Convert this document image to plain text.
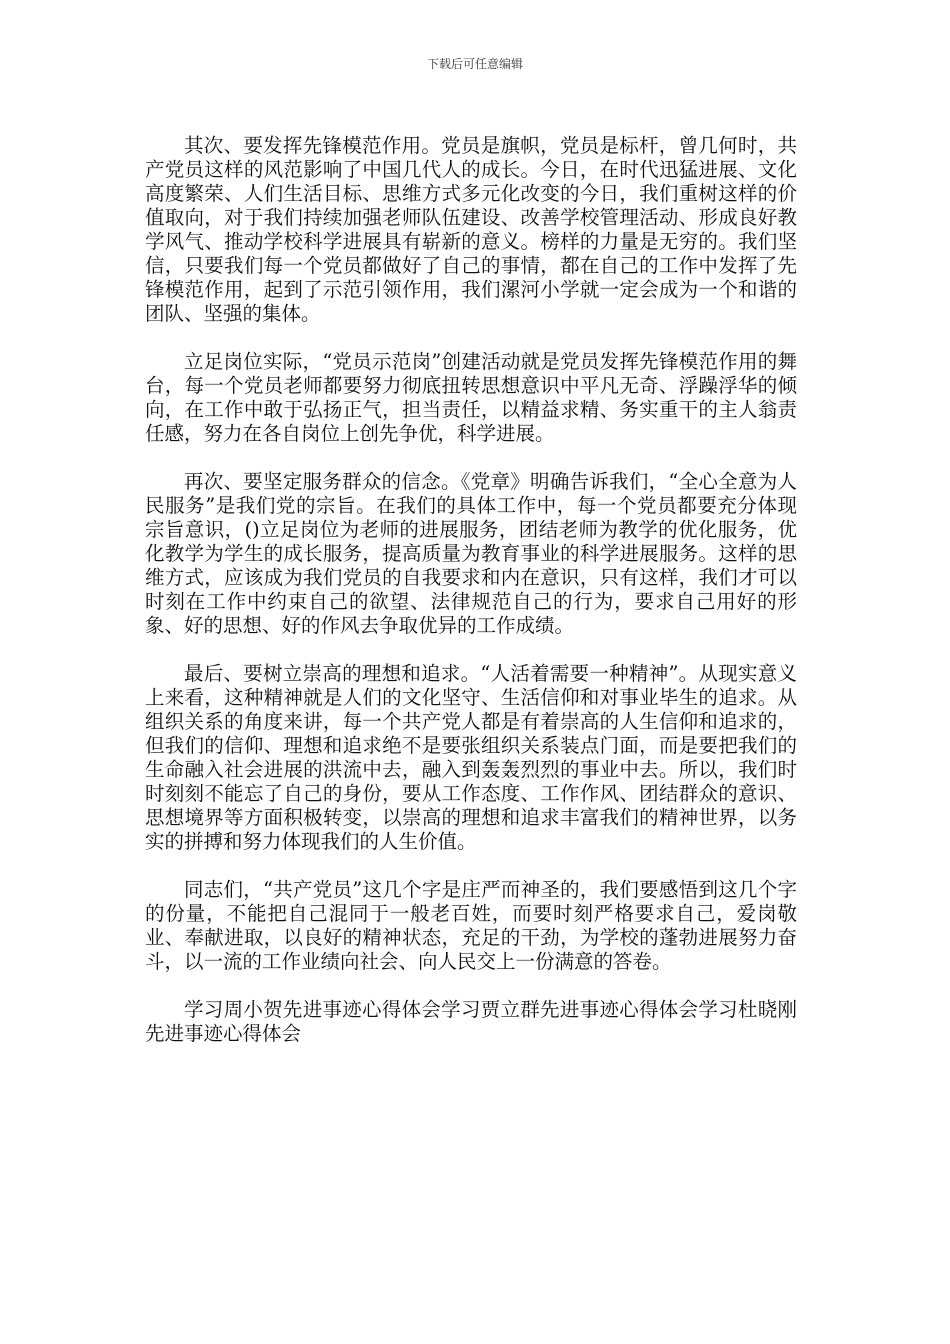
下载后可任意编辑

其次、要发挥先锋模范作用。党员是旗帜，党员是标杆，曾几何时，共产党员这样的风范影响了中国几代人的成长。今日，在时代迅猛进展、文化高度繁荣、人们生活目标、思维方式多元化改变的今日，我们重树这样的价值取向，对于我们持续加强老师队伍建设、改善学校管理活动、形成良好教学风气、推动学校科学进展具有崭新的意义。榜样的力量是无穷的。我们坚信，只要我们每一个党员都做好了自己的事情，都在自己的工作中发挥了先锋模范作用，起到了示范引领作用，我们漯河小学就一定会成为一个和谐的团队、坚强的集体。

立足岗位实际，“党员示范岗”创建活动就是党员发挥先锋模范作用的舞台，每一个党员老师都要努力彻底扭转思想意识中平凡无奇、浮躁浮华的倾向，在工作中敢于弘扬正气，担当责任，以精益求精、务实重干的主人翁责任感，努力在各自岗位上创先争优，科学进展。

再次、要坚定服务群众的信念。《党章》明确告诉我们，“全心全意为人民服务”是我们党的宗旨。在我们的具体工作中，每一个党员都要充分体现宗旨意识，()立足岗位为老师的进展服务，团结老师为教学的优化服务，优化教学为学生的成长服务，提高质量为教育事业的科学进展服务。这样的思维方式，应该成为我们党员的自我要求和内在意识，只有这样，我们才可以时刻在工作中约束自己的欲望、法律规范自己的行为，要求自己用好的形象、好的思想、好的作风去争取优异的工作成绩。

最后、要树立崇高的理想和追求。“人活着需要一种精神”。从现实意义上来看，这种精神就是人们的文化坚守、生活信仰和对事业毕生的追求。从组织关系的角度来讲，每一个共产党人都是有着崇高的人生信仰和追求的，但我们的信仰、理想和追求绝不是要张组织关系装点门面，而是要把我们的生命融入社会进展的洪流中去，融入到轰轰烈烈的事业中去。所以，我们时时刻刻不能忘了自己的身份，要从工作态度、工作作风、团结群众的意识、思想境界等方面积极转变，以崇高的理想和追求丰富我们的精神世界，以务实的拼搏和努力体现我们的人生价值。

同志们，“共产党员”这几个字是庄严而神圣的，我们要感悟到这几个字的份量，不能把自己混同于一般老百姓，而要时刻严格要求自己，爱岗敬业、奉献进取，以良好的精神状态，充足的干劲，为学校的蓬勃进展努力奋斗，以一流的工作业绩向社会、向人民交上一份满意的答卷。

学习周小贺先进事迹心得体会学习贾立群先进事迹心得体会学习杜晓刚先进事迹心得体会
